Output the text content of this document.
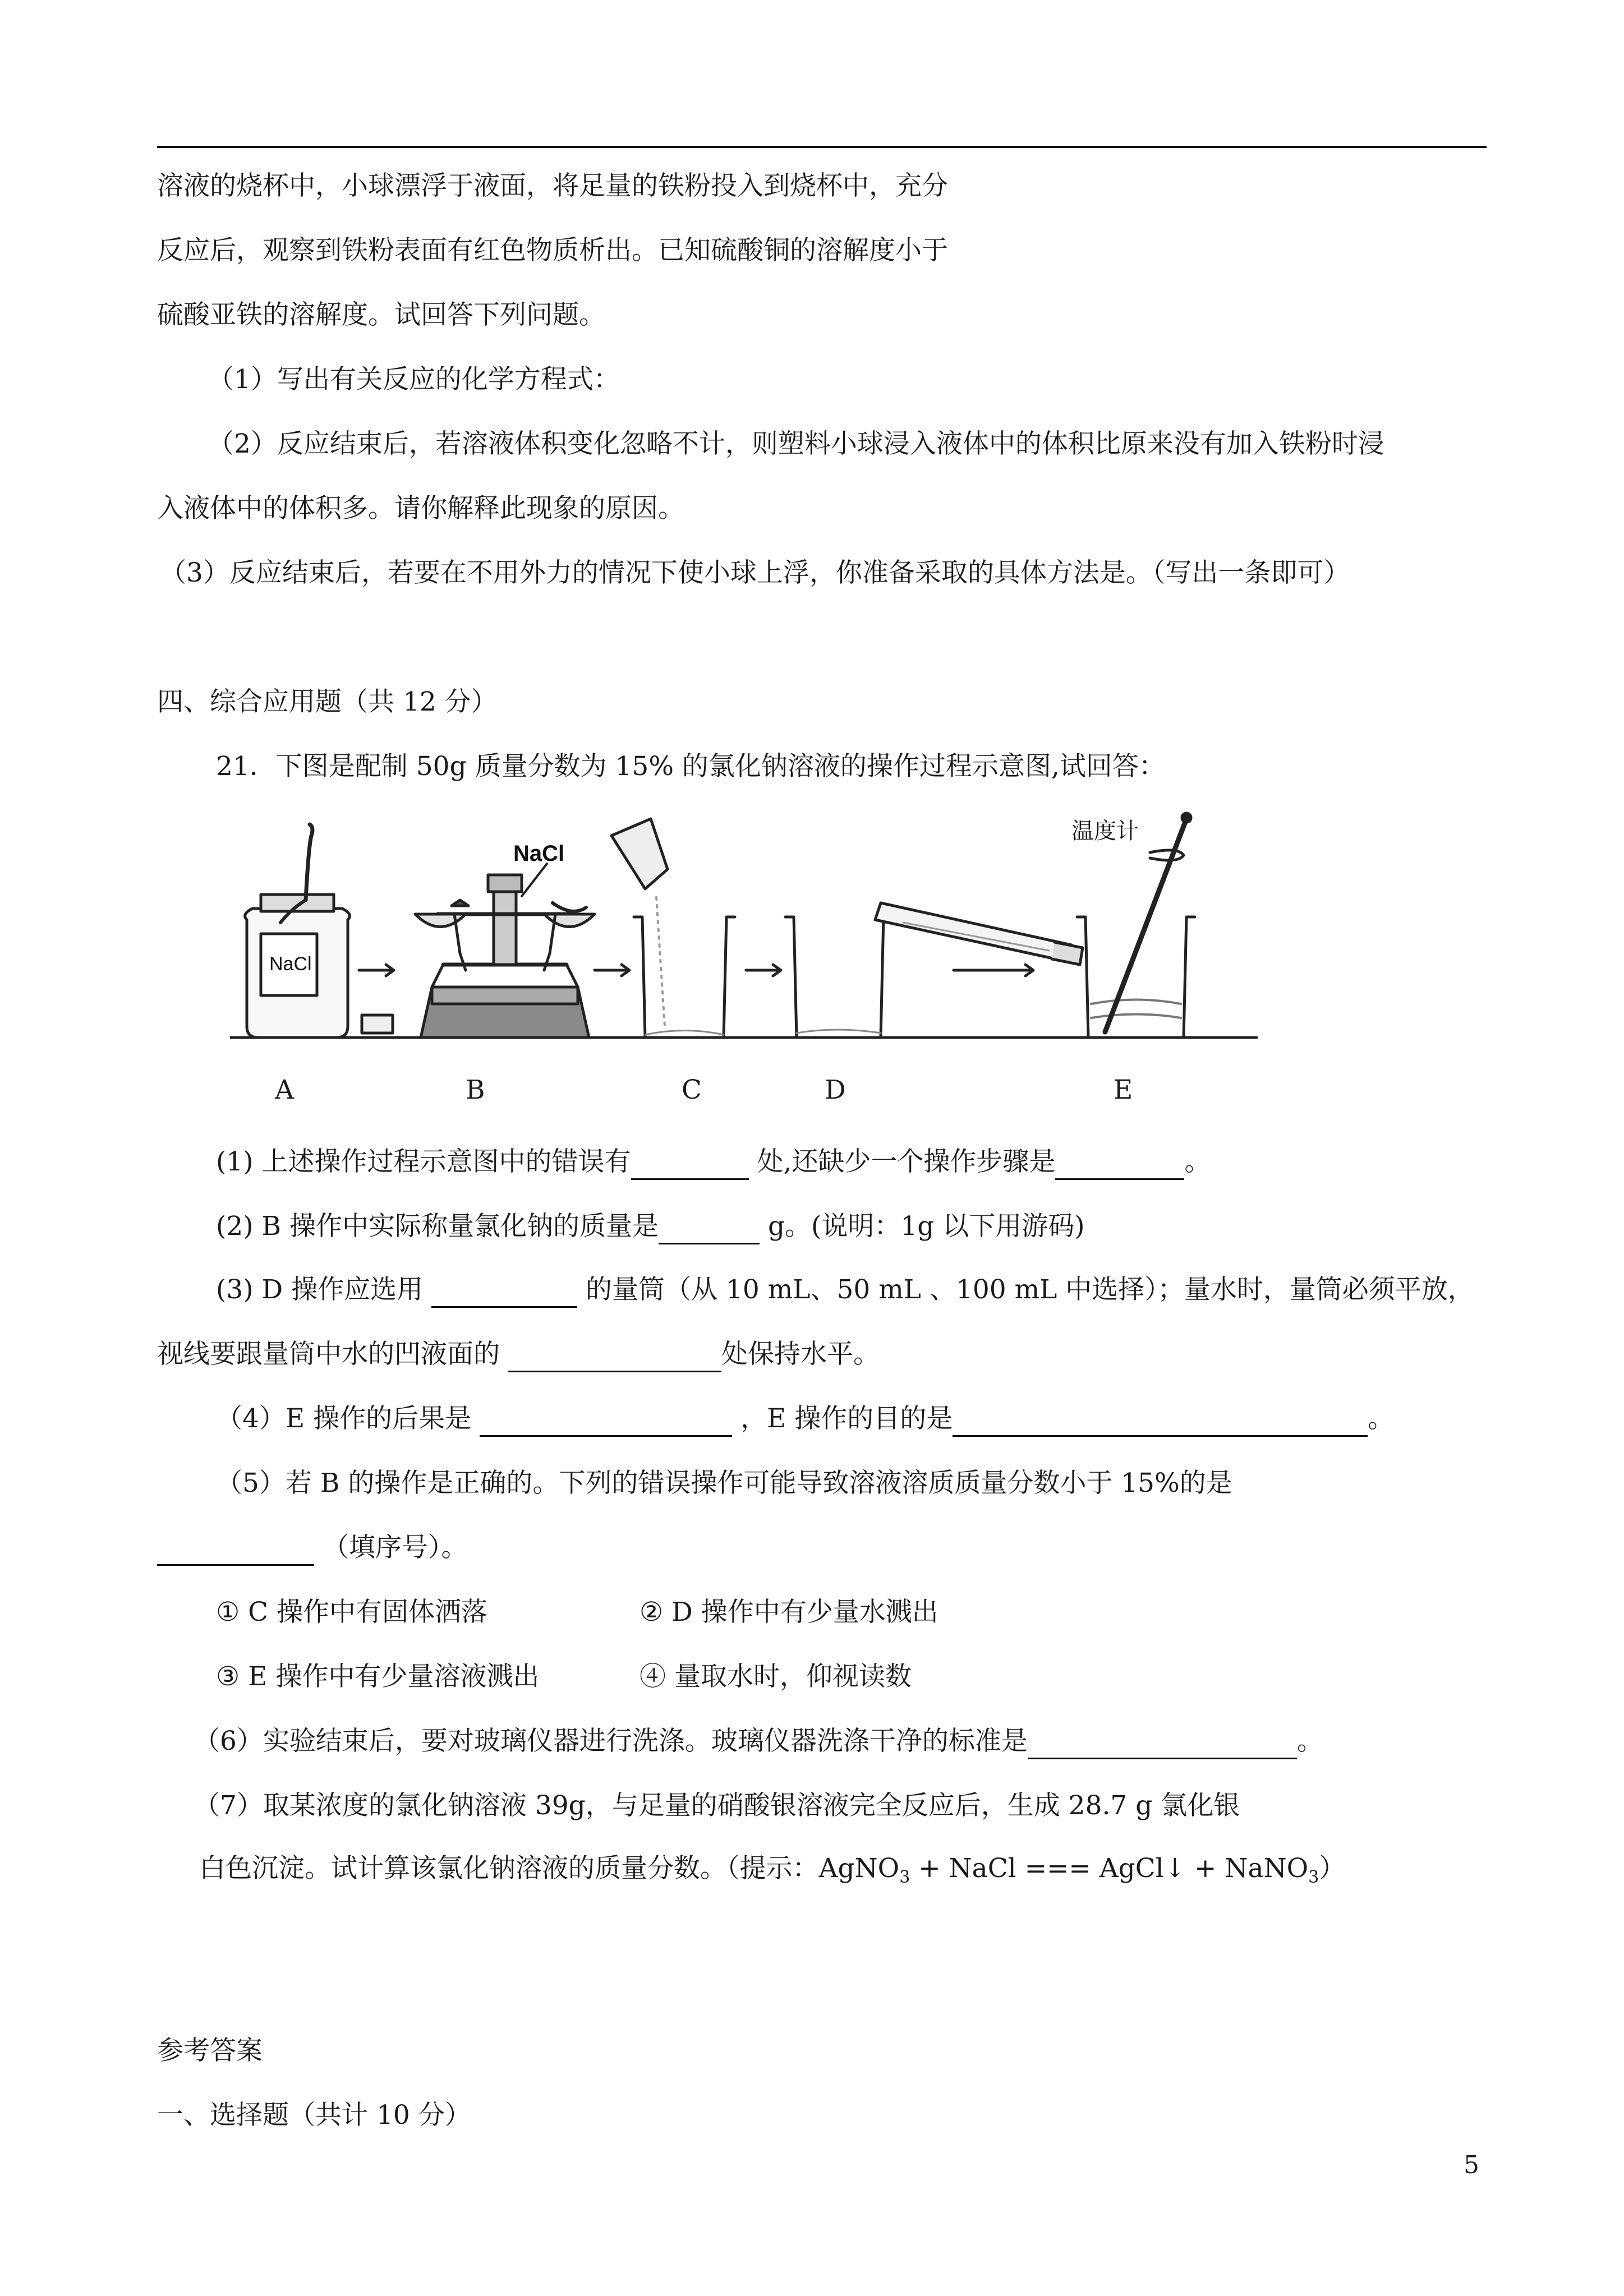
溶液的烧杯中，小球漂浮于液面，将足量的铁粉投入到烧杯中，充分
反应后，观察到铁粉表面有红色物质析出。已知硫酸铜的溶解度小于
硫酸亚铁的溶解度。试回答下列问题。
（1）写出有关反应的化学方程式：
（2）反应结束后，若溶液体积变化忽略不计，则塑料小球浸入液体中的体积比原来没有加入铁粉时浸
入液体中的体积多。请你解释此现象的原因。
（3）反应结束后，若要在不用外力的情况下使小球上浮，你准备采取的具体方法是。（写出一条即可）
四、综合应用题（共 12 分）
21．下图是配制 50g 质量分数为 15% 的氯化钠溶液的操作过程示意图,试回答：
NaCl
NaCl
温度计
A	B	C	D	E
(1) 上述操作过程示意图中的错误有	处,还缺少一个操作步骤是	。
(2) B 操作中实际称量氯化钠的质量是	g。(说明：1g 以下用游码)
(3) D 操作应选用	的量筒（从 10 mL、50 mL 、100 mL 中选择）；量水时，量筒必须平放，
视线要跟量筒中水的凹液面的	处保持水平。
（4）E 操作的后果是	，E 操作的目的是	。
（5）若 B 的操作是正确的。下列的错误操作可能导致溶液溶质质量分数小于 15%的是
（填序号）。
① C 操作中有固体洒落	② D 操作中有少量水溅出
③ E 操作中有少量溶液溅出	④ 量取水时，仰视读数
（6）实验结束后，要对玻璃仪器进行洗涤。玻璃仪器洗涤干净的标准是	。
（7）取某浓度的氯化钠溶液 39g，与足量的硝酸银溶液完全反应后，生成 28.7 g 氯化银
白色沉淀。试计算该氯化钠溶液的质量分数。（提示：AgNO$_3$ + NaCl === AgCl↓ + NaNO$_3$）
参考答案
一、选择题（共计 10 分）
5
